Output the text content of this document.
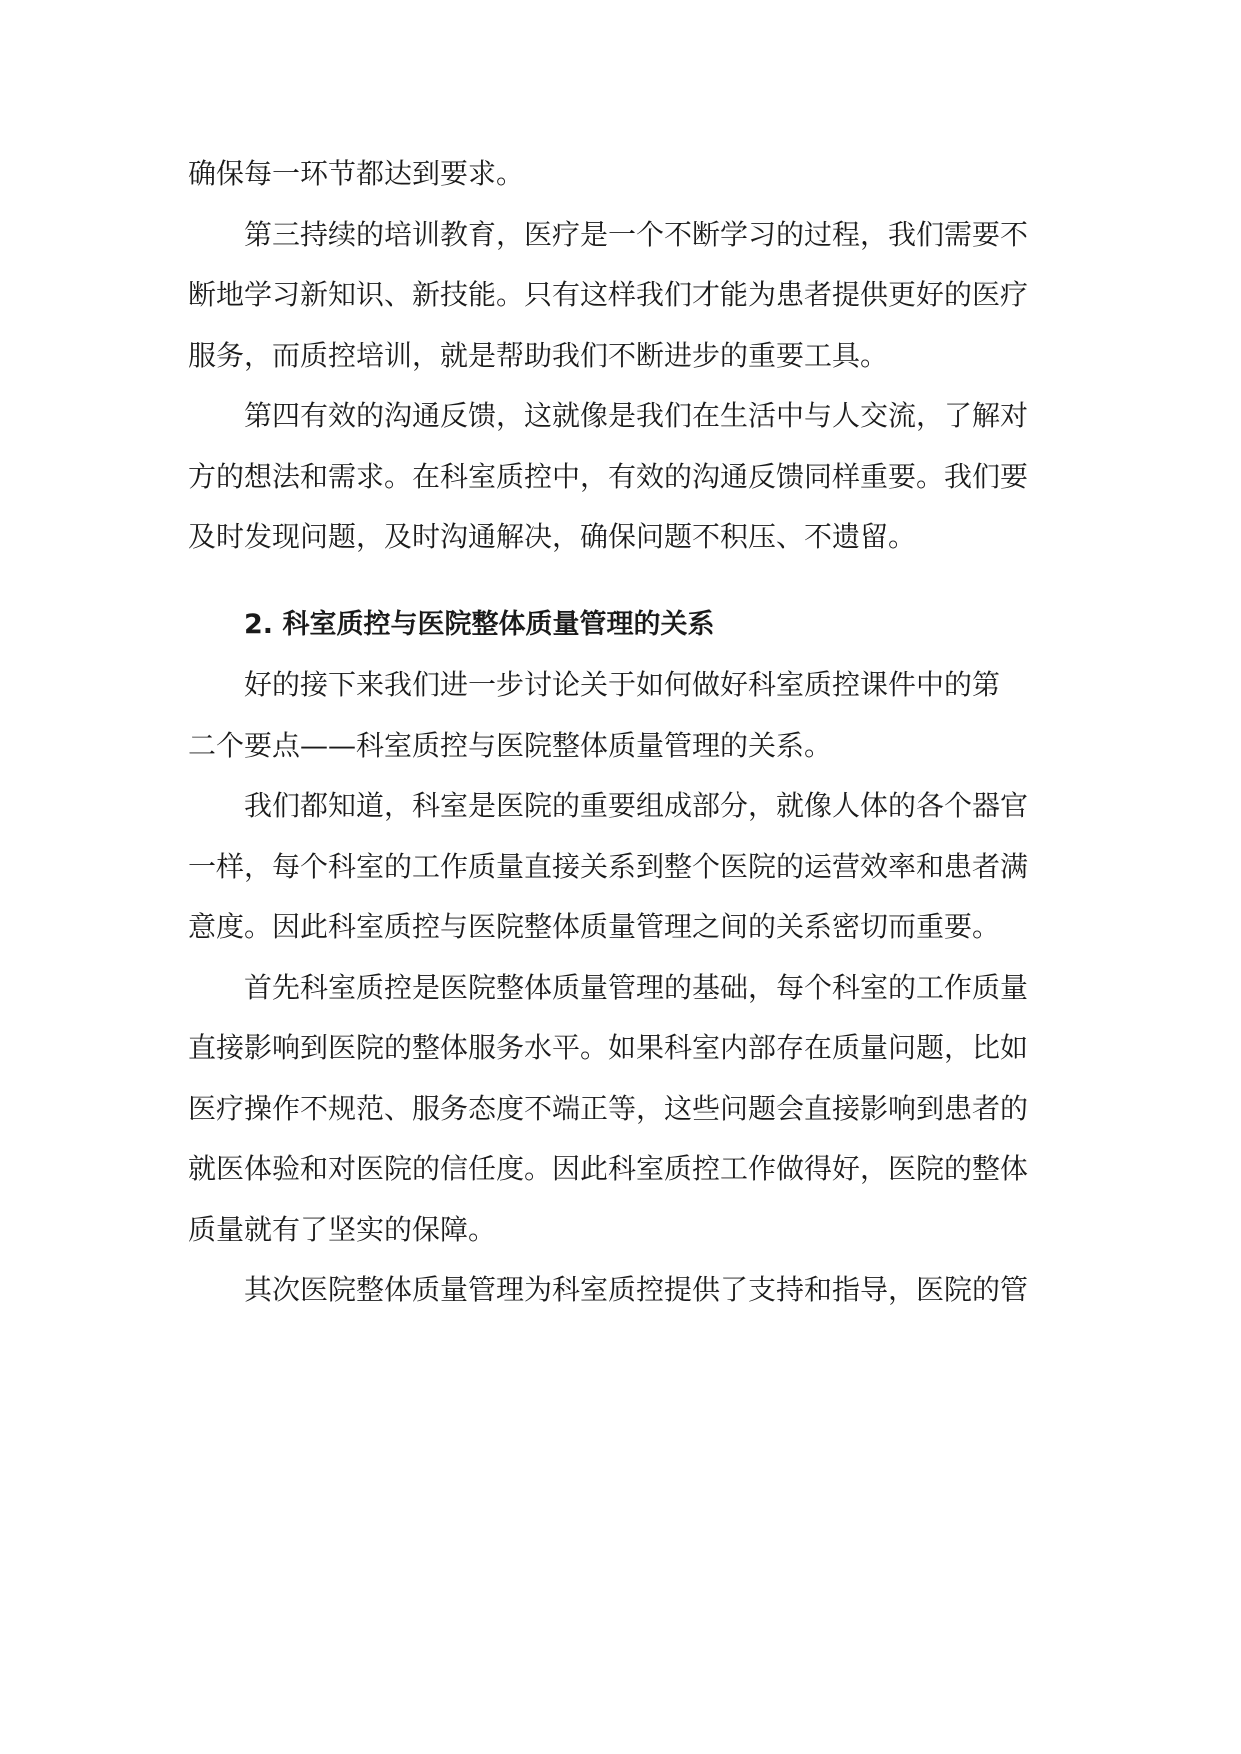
确保每一环节都达到要求。
第三持续的培训教育，医疗是一个不断学习的过程，我们需要不
断地学习新知识、新技能。只有这样我们才能为患者提供更好的医疗
服务，而质控培训，就是帮助我们不断进步的重要工具。
第四有效的沟通反馈，这就像是我们在生活中与人交流，了解对
方的想法和需求。在科室质控中，有效的沟通反馈同样重要。我们要
及时发现问题，及时沟通解决，确保问题不积压、不遗留。
2. 科室质控与医院整体质量管理的关系
好的接下来我们进一步讨论关于如何做好科室质控课件中的第
二个要点——科室质控与医院整体质量管理的关系。
我们都知道，科室是医院的重要组成部分，就像人体的各个器官
一样，每个科室的工作质量直接关系到整个医院的运营效率和患者满
意度。因此科室质控与医院整体质量管理之间的关系密切而重要。
首先科室质控是医院整体质量管理的基础，每个科室的工作质量
直接影响到医院的整体服务水平。如果科室内部存在质量问题，比如
医疗操作不规范、服务态度不端正等，这些问题会直接影响到患者的
就医体验和对医院的信任度。因此科室质控工作做得好，医院的整体
质量就有了坚实的保障。
其次医院整体质量管理为科室质控提供了支持和指导，医院的管
